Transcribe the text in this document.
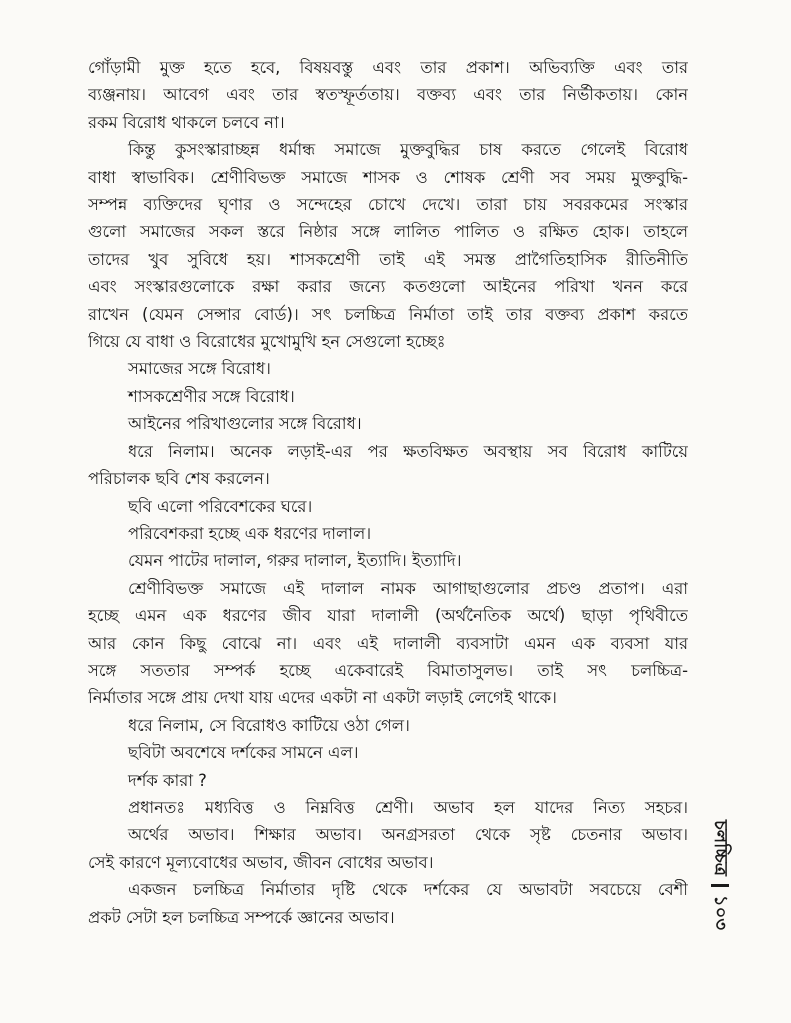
গোঁড়ামী মুক্ত হতে হবে, বিষয়বস্তু এবং তার প্রকাশ। অভিব্যক্তি এবং তার
ব্যঞ্জনায়। আবেগ এবং তার স্বতস্ফূর্ততায়। বক্তব্য এবং তার নির্ভীকতায়। কোন
রকম বিরোধ থাকলে চলবে না।
কিন্তু কুসংস্কারাচ্ছন্ন ধর্মান্ধ সমাজে মুক্তবুদ্ধির চাষ করতে গেলেই বিরোধ
বাধা স্বাভাবিক। শ্রেণীবিভক্ত সমাজে শাসক ও শোষক শ্রেণী সব সময় মুক্তবুদ্ধি-
সম্পন্ন ব্যক্তিদের ঘৃণার ও সন্দেহের চোখে দেখে। তারা চায় সবরকমের সংস্কার
গুলো সমাজের সকল স্তরে নিষ্ঠার সঙ্গে লালিত পালিত ও রক্ষিত হোক। তাহলে
তাদের খুব সুবিধে হয়। শাসকশ্রেণী তাই এই সমস্ত প্রাগৈতিহাসিক রীতিনীতি
এবং সংস্কারগুলোকে রক্ষা করার জন্যে কতগুলো আইনের পরিখা খনন করে
রাখেন (যেমন সেন্সার বোর্ড)। সৎ চলচ্চিত্র নির্মাতা তাই তার বক্তব্য প্রকাশ করতে
গিয়ে যে বাধা ও বিরোধের মুখোমুখি হন সেগুলো হচ্ছেঃ
সমাজের সঙ্গে বিরোধ।
শাসকশ্রেণীর সঙ্গে বিরোধ।
আইনের পরিখাগুলোর সঙ্গে বিরোধ।
ধরে নিলাম। অনেক লড়াই-এর পর ক্ষতবিক্ষত অবস্থায় সব বিরোধ কাটিয়ে
পরিচালক ছবি শেষ করলেন।
ছবি এলো পরিবেশকের ঘরে।
পরিবেশকরা হচ্ছে এক ধরণের দালাল।
যেমন পাটের দালাল, গরুর দালাল, ইত্যাদি। ইত্যাদি।
শ্রেণীবিভক্ত সমাজে এই দালাল নামক আগাছাগুলোর প্রচণ্ড প্রতাপ। এরা
হচ্ছে এমন এক ধরণের জীব যারা দালালী (অর্থনৈতিক অর্থে) ছাড়া পৃথিবীতে
আর কোন কিছু বোঝে না। এবং এই দালালী ব্যবসাটা এমন এক ব্যবসা যার
সঙ্গে সততার সম্পর্ক হচ্ছে একেবারেই বিমাতাসুলভ। তাই সৎ চলচ্চিত্র-
নির্মাতার সঙ্গে প্রায় দেখা যায় এদের একটা না একটা লড়াই লেগেই থাকে।
ধরে নিলাম, সে বিরোধও কাটিয়ে ওঠা গেল।
ছবিটা অবশেষে দর্শকের সামনে এল।
দর্শক কারা ?
প্রধানতঃ মধ্যবিত্ত ও নিম্নবিত্ত শ্রেণী। অভাব হল যাদের নিত্য সহচর।
অর্থের অভাব। শিক্ষার অভাব। অনগ্রসরতা থেকে সৃষ্ট চেতনার অভাব।
সেই কারণে মূল্যবোধের অভাব, জীবন বোধের অভাব।
একজন চলচ্চিত্র নির্মাতার দৃষ্টি থেকে দর্শকের যে অভাবটা সবচেয়ে বেশী
প্রকট সেটা হল চলচ্চিত্র সম্পর্কে জ্ঞানের অভাব।
চলচ্চিত্র
১০৩
